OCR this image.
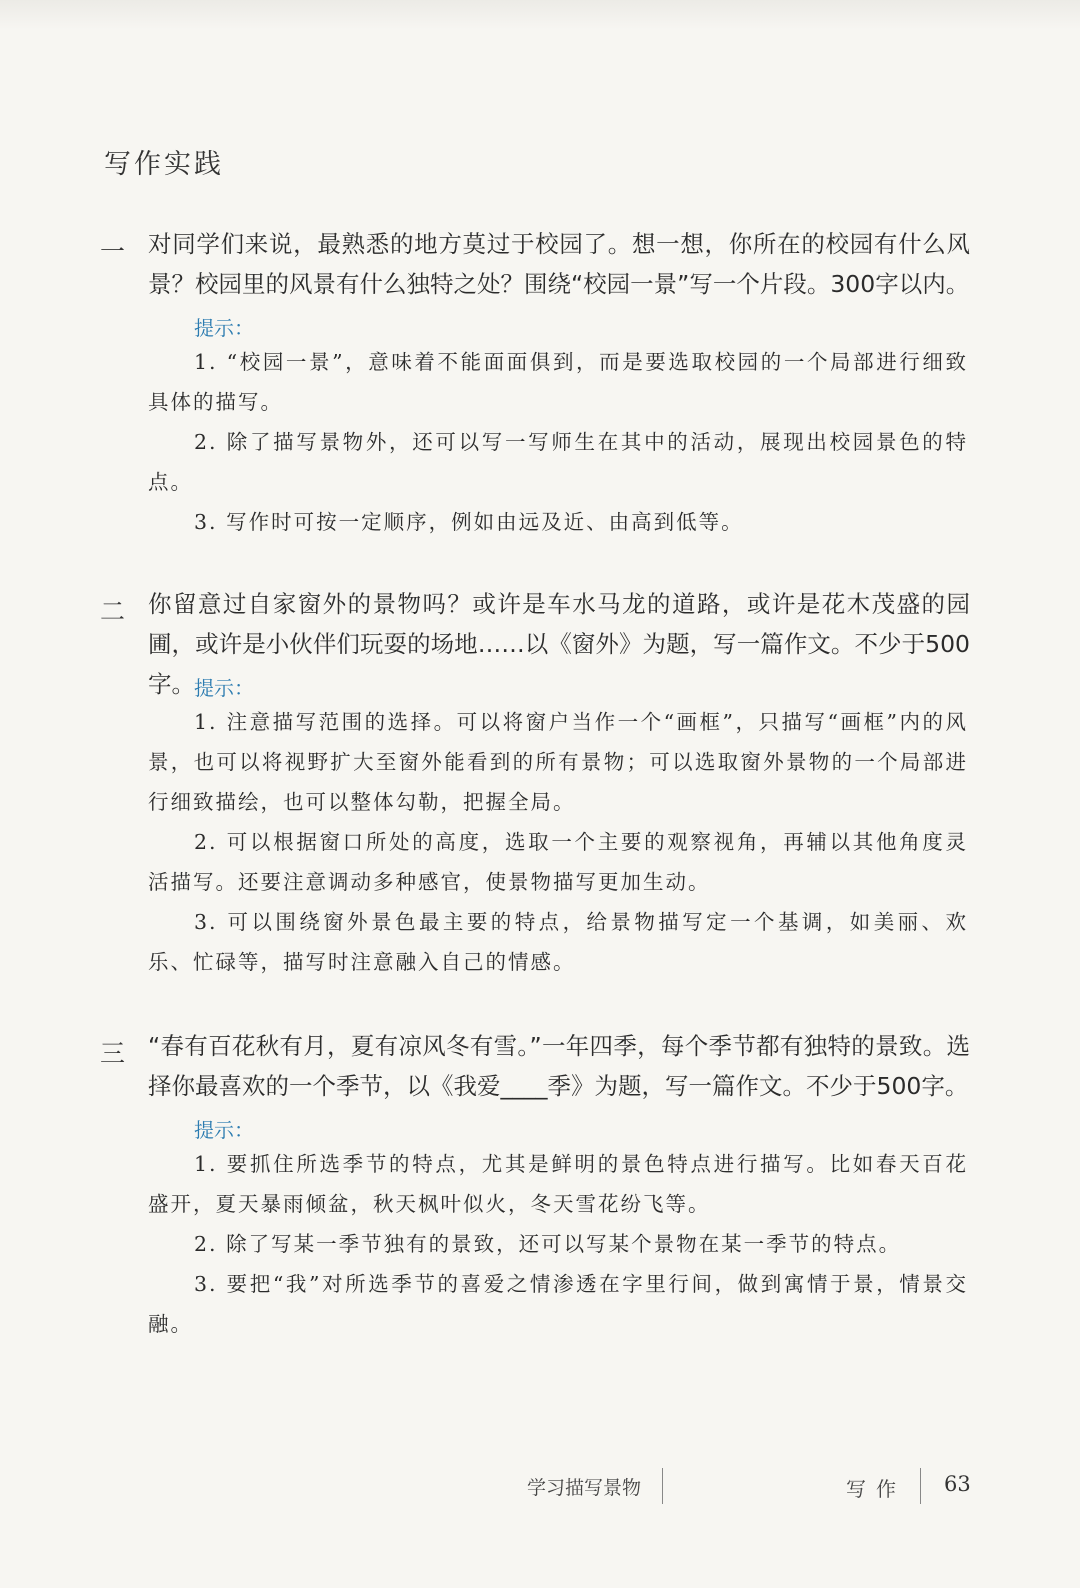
写作实践
一 对同学们来说，最熟悉的地方莫过于校园了。想一想，你所在的校园有什么风景？校园里的风景有什么独特之处？围绕“校园一景”写一个片段。300字以内。

提示：

1. “校园一景”，意味着不能面面俱到，而是要选取校园的一个局部进行细致具体的描写。

2. 除了描写景物外，还可以写一写师生在其中的活动，展现出校园景色的特点。

3. 写作时可按一定顺序，例如由远及近、由高到低等。

二 你留意过自家窗外的景物吗？或许是车水马龙的道路，或许是花木茂盛的园圃，或许是小伙伴们玩耍的场地……以《窗外》为题，写一篇作文。不少于500字。 提示：

1. 注意描写范围的选择。可以将窗户当作一个“画框”，只描写“画框”内的风景，也可以将视野扩大至窗外能看到的所有景物；可以选取窗外景物的一个局部进行细致描绘，也可以整体勾勒，把握全局。

2. 可以根据窗口所处的高度，选取一个主要的观察视角，再辅以其他角度灵活描写。还要注意调动多种感官，使景物描写更加生动。

3. 可以围绕窗外景色最主要的特点，给景物描写定一个基调，如美丽、欢乐、忙碌等，描写时注意融入自己的情感。

三 “春有百花秋有月，夏有凉风冬有雪。”一年四季，每个季节都有独特的景致。选择你最喜欢的一个季节，以《我爱____季》为题，写一篇作文。不少于500字。

提示：

1. 要抓住所选季节的特点，尤其是鲜明的景色特点进行描写。比如春天百花盛开，夏天暴雨倾盆，秋天枫叶似火，冬天雪花纷飞等。

2. 除了写某一季节独有的景致，还可以写某个景物在某一季节的特点。

3. 要把“我”对所选季节的喜爱之情渗透在字里行间，做到寓情于景，情景交融。

学习描写景物	写作 63
